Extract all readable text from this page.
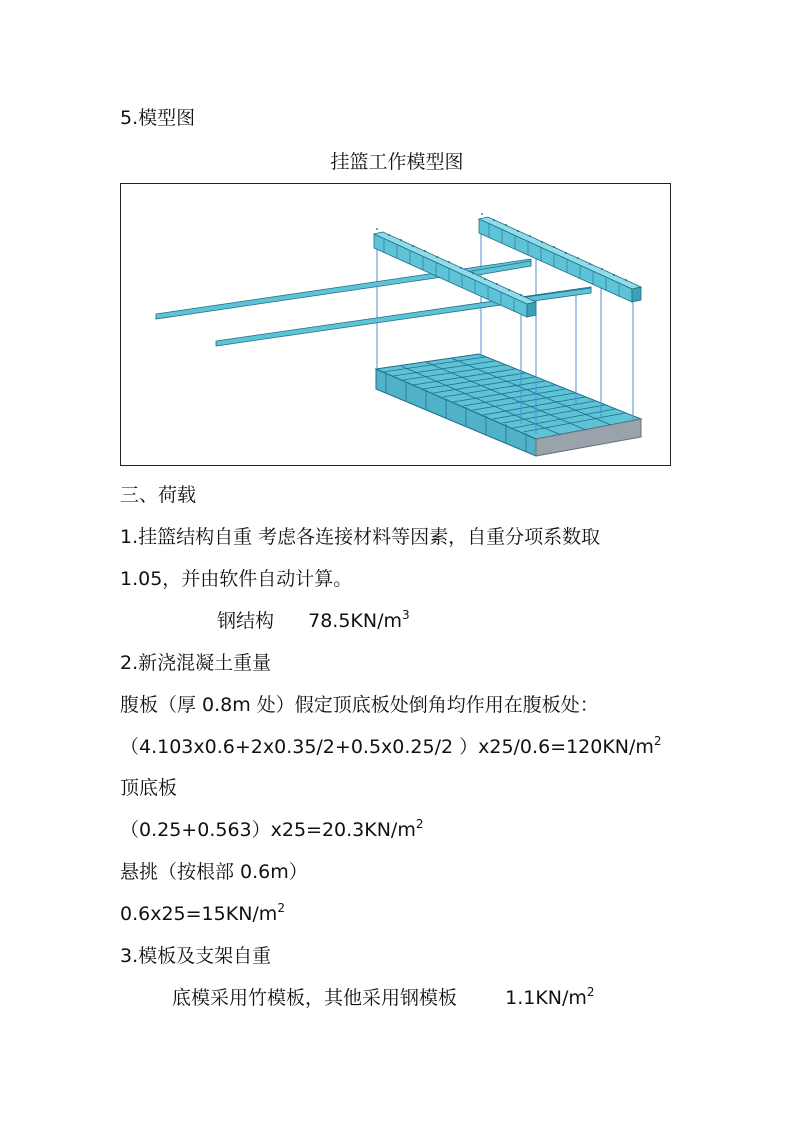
5.模型图
挂篮工作模型图
三、荷载
1.挂篮结构自重 考虑各连接材料等因素，自重分项系数取
1.05，并由软件自动计算。
钢结构 $78.5KN/m^3$
2.新浇混凝土重量
腹板（厚 0.8m 处）假定顶底板处倒角均作用在腹板处：
（4.103x0.6+2x0.35/2+0.5x0.25/2 ）$x25/0.6=120KN/m^2$
顶底板
$(0.25+0.563)x25=20.3KN/m^2$
悬挑（按根部 0.6m）
$0.6x25=15KN/m^2$
3.模板及支架自重
底模采用竹模板，其他采用钢模板	$1.1KN/m^2$
